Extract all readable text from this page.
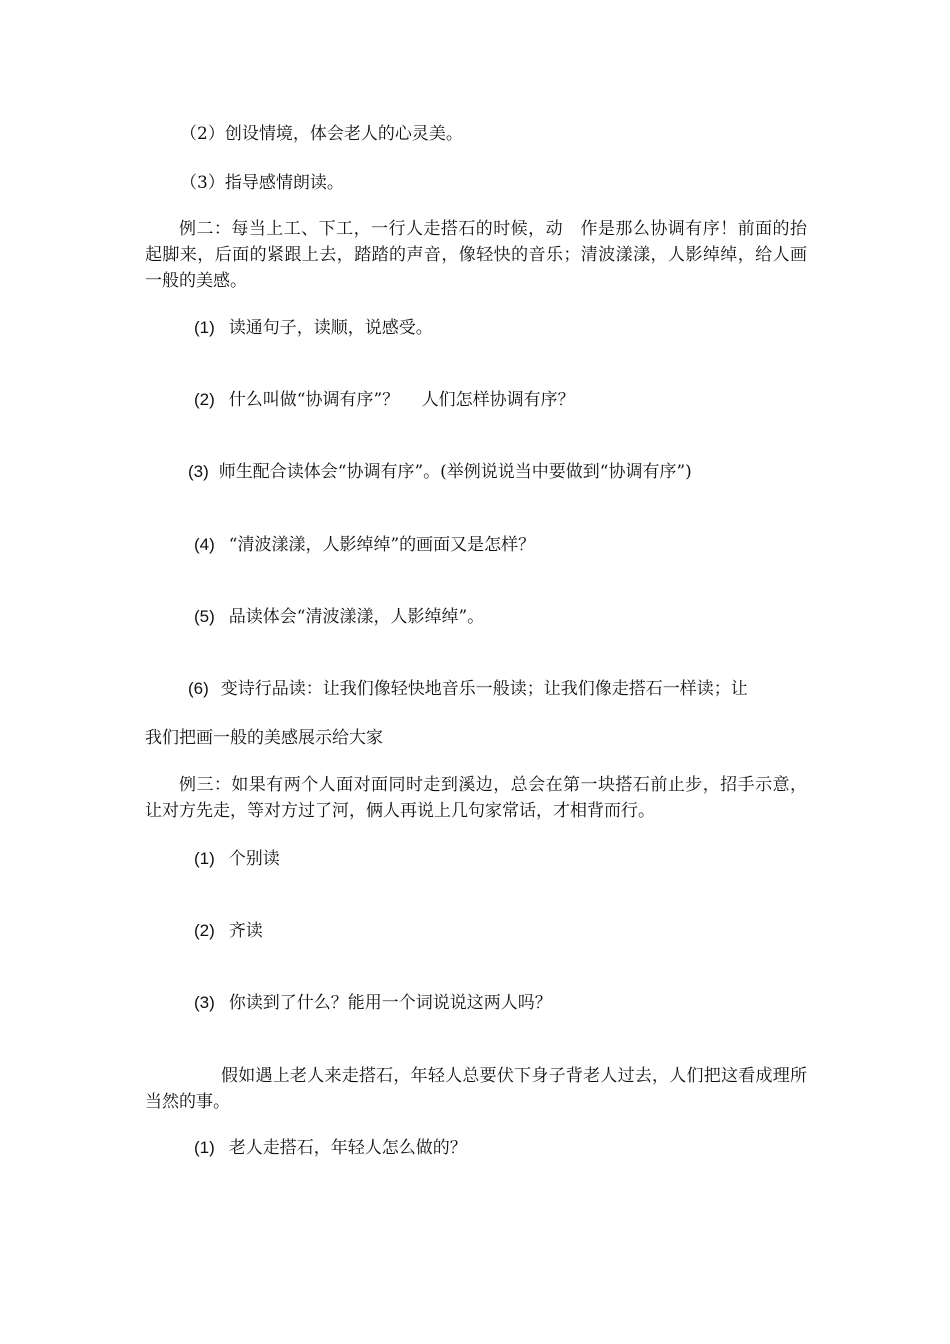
（2）创设情境，体会老人的心灵美。
（3）指导感情朗读。
例二：每当上工、下工，一行人走搭石的时候，动　作是那么协调有序！前面的抬起脚来，后面的紧跟上去，踏踏的声音，像轻快的音乐；清波漾漾，人影绰绰，给人画一般的美感。
(1) 读通句子，读顺，说感受。
(2) 什么叫做“协调有序”？　 人们怎样协调有序？
(3) 师生配合读体会“协调有序”。(举例说说当中要做到“协调有序”)
(4) “清波漾漾，人影绰绰”的画面又是怎样？
(5) 品读体会“清波漾漾，人影绰绰”。
(6) 变诗行品读：让我们像轻快地音乐一般读；让我们像走搭石一样读；让
我们把画一般的美感展示给大家
例三：如果有两个人面对面同时走到溪边，总会在第一块搭石前止步，招手示意，让对方先走，等对方过了河，俩人再说上几句家常话，才相背而行。
(1) 个别读
(2) 齐读
(3) 你读到了什么？能用一个词说说这两人吗？
假如遇上老人来走搭石，年轻人总要伏下身子背老人过去，人们把这看成理所当然的事。
(1) 老人走搭石，年轻人怎么做的？
